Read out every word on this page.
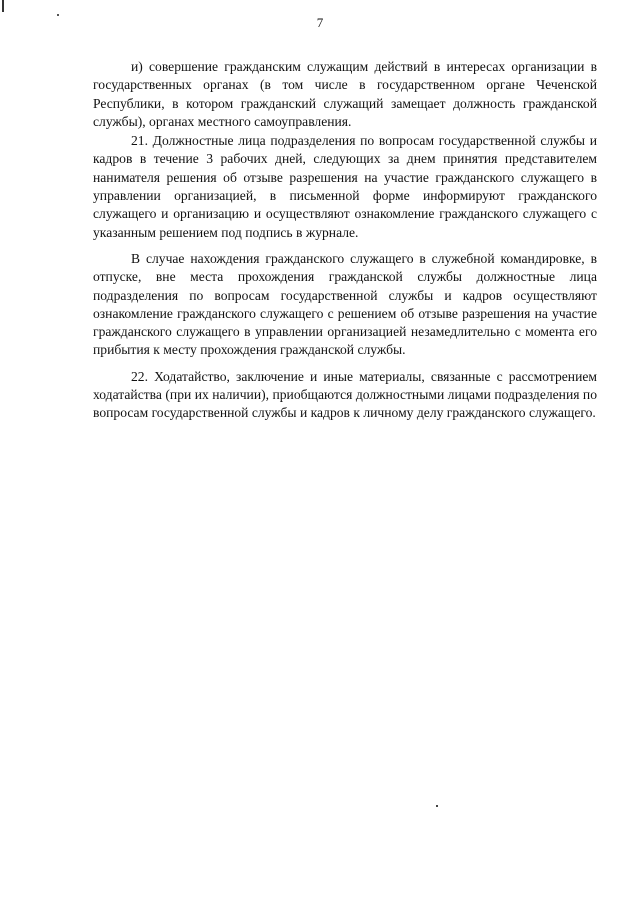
7

и) совершение гражданским служащим действий в интересах организации в государственных органах (в том числе в государственном органе Чеченской Республики, в котором гражданский служащий замещает должность гражданской службы), органах местного самоуправления.

21. Должностные лица подразделения по вопросам государственной службы и кадров в течение 3 рабочих дней, следующих за днем принятия представителем нанимателя решения об отзыве разрешения на участие гражданского служащего в управлении организацией, в письменной форме информируют гражданского служащего и организацию и осуществляют ознакомление гражданского служащего с указанным решением под подпись в журнале.

В случае нахождения гражданского служащего в служебной командировке, в отпуске, вне места прохождения гражданской службы должностные лица подразделения по вопросам государственной службы и кадров осуществляют ознакомление гражданского служащего с решением об отзыве разрешения на участие гражданского служащего в управлении организацией незамедлительно с момента его прибытия к месту прохождения гражданской службы.

22. Ходатайство, заключение и иные материалы, связанные с рассмотрением ходатайства (при их наличии), приобщаются должностными лицами подразделения по вопросам государственной службы и кадров к личному делу гражданского служащего.
